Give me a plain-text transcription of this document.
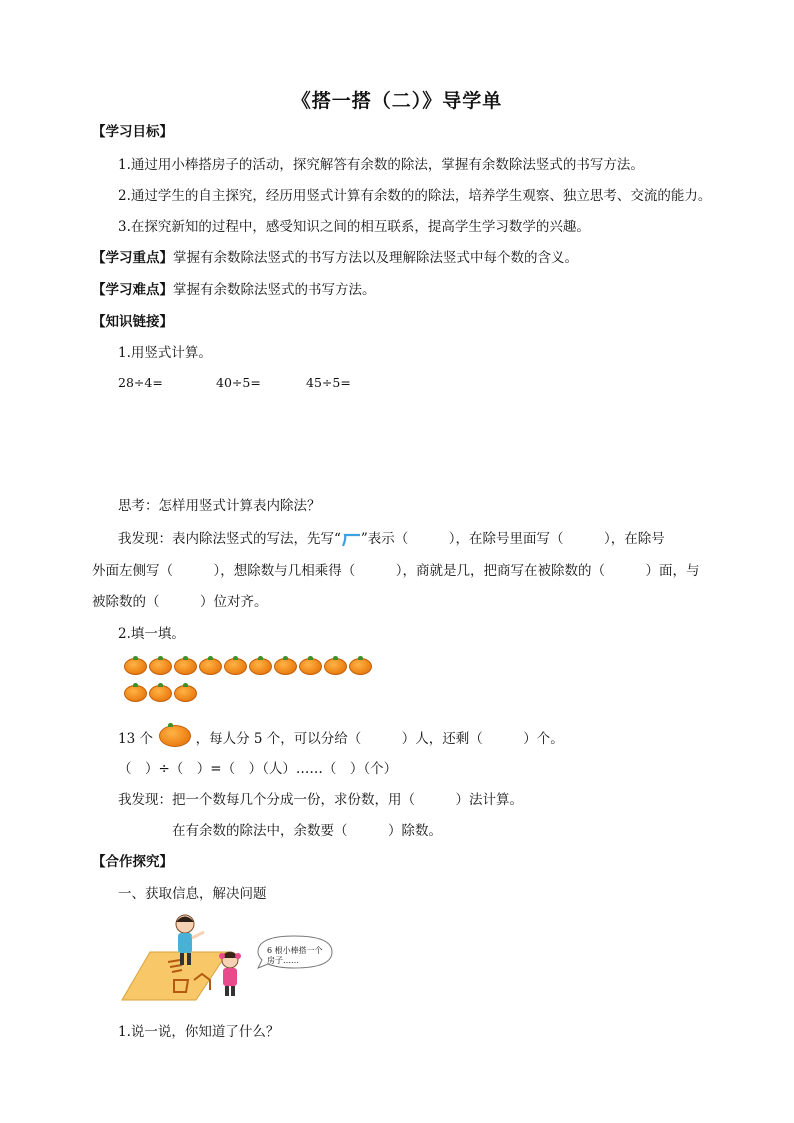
《搭一搭（二）》导学单
【学习目标】
1.通过用小棒搭房子的活动，探究解答有余数的除法，掌握有余数除法竖式的书写方法。
2.通过学生的自主探究，经历用竖式计算有余数的的除法，培养学生观察、独立思考、交流的能力。
3.在探究新知的过程中，感受知识之间的相互联系，提高学生学习数学的兴趣。
【学习重点】掌握有余数除法竖式的书写方法以及理解除法竖式中每个数的含义。
【学习难点】掌握有余数除法竖式的书写方法。
【知识链接】
1.用竖式计算。
28÷4=	40÷5=	45÷5=
思考：怎样用竖式计算表内除法？
我发现：表内除法竖式的写法，先写“ ”表示（　　　），在除号里面写（　　　），在除号
外面左侧写（　　　），想除数与几相乘得（　　　），商就是几，把商写在被除数的（　　　）面，与
被除数的（　　　）位对齐。
2.填一填。
13 个	，每人分 5 个，可以分给（　　　）人，还剩（　　　）个。
（　）÷（　）=（　）（人）……（　）（个）
我发现：把一个数每几个分成一份，求份数，用（　　　）法计算。
在有余数的除法中，余数要（　　　）除数。
【合作探究】
一、获取信息，解决问题
6 根小棒搭一个房子……
1.说一说，你知道了什么？
